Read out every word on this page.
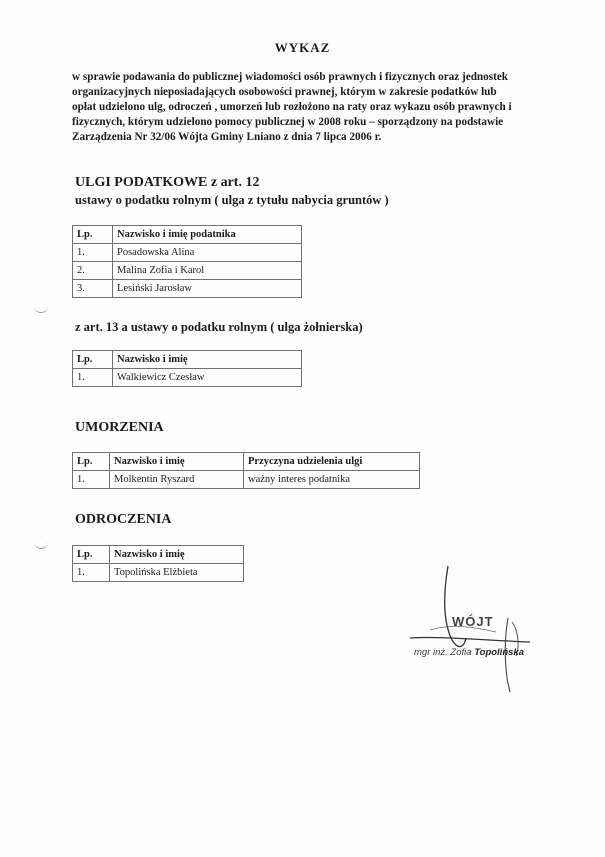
WYKAZ
w sprawie podawania do publicznej wiadomości osób prawnych i fizycznych oraz jednostek
organizacyjnych nieposiadających osobowości prawnej, którym w zakresie podatków lub
opłat udzielono ulg, odroczeń , umorzeń lub rozłożono na raty oraz wykazu osób prawnych i
fizycznych, którym udzielono pomocy publicznej w 2008 roku – sporządzony na podstawie
Zarządzenia Nr 32/06 Wójta Gminy Lniano z dnia 7 lipca 2006 r.
ULGI PODATKOWE z art. 12
ustawy o podatku rolnym ( ulga z tytułu nabycia gruntów )
Lp.	Nazwisko i imię podatnika
1.	Posadowska Alina
2.	Malina Zofia i Karol
3.	Lesiński Jarosław
z art. 13 a ustawy o podatku rolnym ( ulga żołnierska)
Lp.	Nazwisko i imię
1.	Walkiewicz Czesław
UMORZENIA
Lp.	Nazwisko i imię	Przyczyna udzielenia ulgi
1.	Molkentin Ryszard	ważny interes podatnika
ODROCZENIA
Lp.	Nazwisko i imię
1.	Topolińska Elżbieta
WÓJT
mgr inż. Zofia Topolińska
